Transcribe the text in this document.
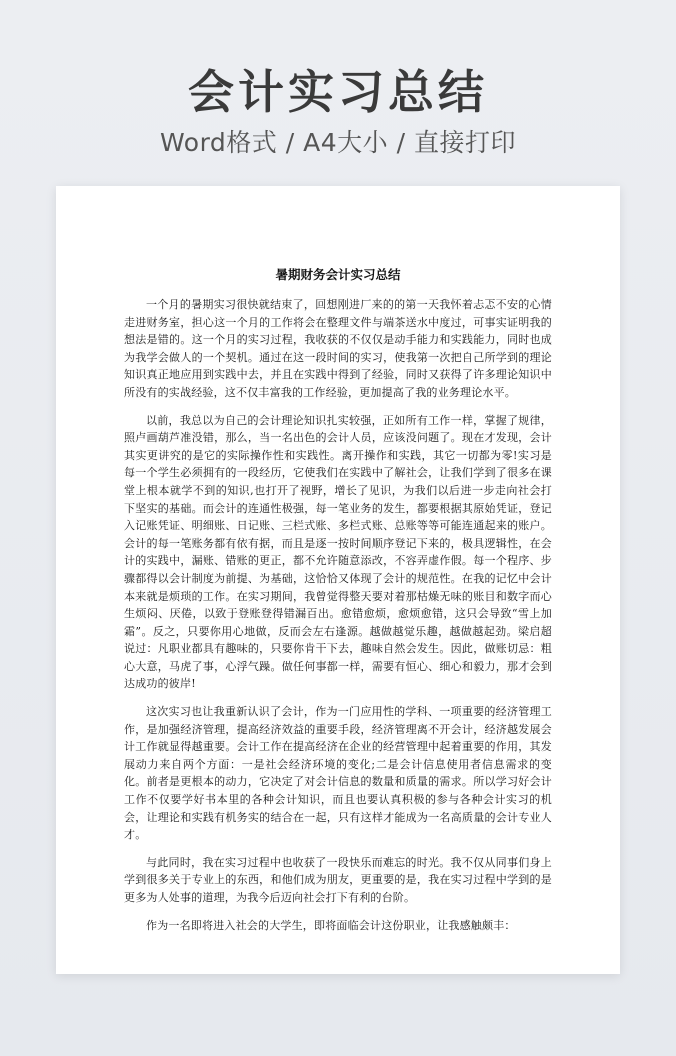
会计实习总结
Word格式 / A4大小 / 直接打印
暑期财务会计实习总结

一个月的暑期实习很快就结束了，回想刚进厂来的的第一天我怀着忐忑不安的心情走进财务室，担心这一个月的工作将会在整理文件与端茶送水中度过，可事实证明我的想法是错的。这一个月的实习过程，我收获的不仅仅是动手能力和实践能力，同时也成为我学会做人的一个契机。通过在这一段时间的实习，使我第一次把自己所学到的理论知识真正地应用到实践中去，并且在实践中得到了经验，同时又获得了许多理论知识中所没有的实战经验，这不仅丰富我的工作经验，更加提高了我的业务理论水平。

以前，我总以为自己的会计理论知识扎实较强，正如所有工作一样，掌握了规律，照卢画葫芦准没错，那么，当一名出色的会计人员，应该没问题了。现在才发现，会计其实更讲究的是它的实际操作性和实践性。离开操作和实践，其它一切都为零!实习是每一个学生必须拥有的一段经历，它使我们在实践中了解社会，让我们学到了很多在课堂上根本就学不到的知识,也打开了视野，增长了见识，为我们以后进一步走向社会打下坚实的基础。而会计的连通性极强，每一笔业务的发生，都要根据其原始凭证，登记入记账凭证、明细账、日记账、三栏式账、多栏式账、总账等等可能连通起来的账户。会计的每一笔账务都有依有据，而且是逐一按时间顺序登记下来的，极具逻辑性，在会计的实践中，漏账、错账的更正，都不允许随意添改，不容弄虚作假。每一个程序、步骤都得以会计制度为前提、为基础，这恰恰又体现了会计的规范性。在我的记忆中会计本来就是烦琐的工作。在实习期间，我曾觉得整天要对着那枯燥无味的账目和数字而心生烦闷、厌倦，以致于登账登得错漏百出。愈错愈烦，愈烦愈错，这只会导致“雪上加霜”。反之，只要你用心地做，反而会左右逢源。越做越觉乐趣，越做越起劲。梁启超说过：凡职业都具有趣味的，只要你肯干下去，趣味自然会发生。因此，做账切忌：粗心大意，马虎了事，心浮气躁。做任何事都一样，需要有恒心、细心和毅力，那才会到达成功的彼岸!

这次实习也让我重新认识了会计，作为一门应用性的学科、一项重要的经济管理工作，是加强经济管理，提高经济效益的重要手段，经济管理离不开会计，经济越发展会计工作就显得越重要。会计工作在提高经济在企业的经营管理中起着重要的作用，其发展动力来自两个方面：一是社会经济环境的变化;二是会计信息使用者信息需求的变化。前者是更根本的动力，它决定了对会计信息的数量和质量的需求。所以学习好会计工作不仅要学好书本里的各种会计知识，而且也要认真积极的参与各种会计实习的机会，让理论和实践有机务实的结合在一起，只有这样才能成为一名高质量的会计专业人才。

与此同时，我在实习过程中也收获了一段快乐而难忘的时光。我不仅从同事们身上学到很多关于专业上的东西，和他们成为朋友，更重要的是，我在实习过程中学到的是更多为人处事的道理，为我今后迈向社会打下有利的台阶。

作为一名即将进入社会的大学生，即将面临会计这份职业，让我感触颇丰：
